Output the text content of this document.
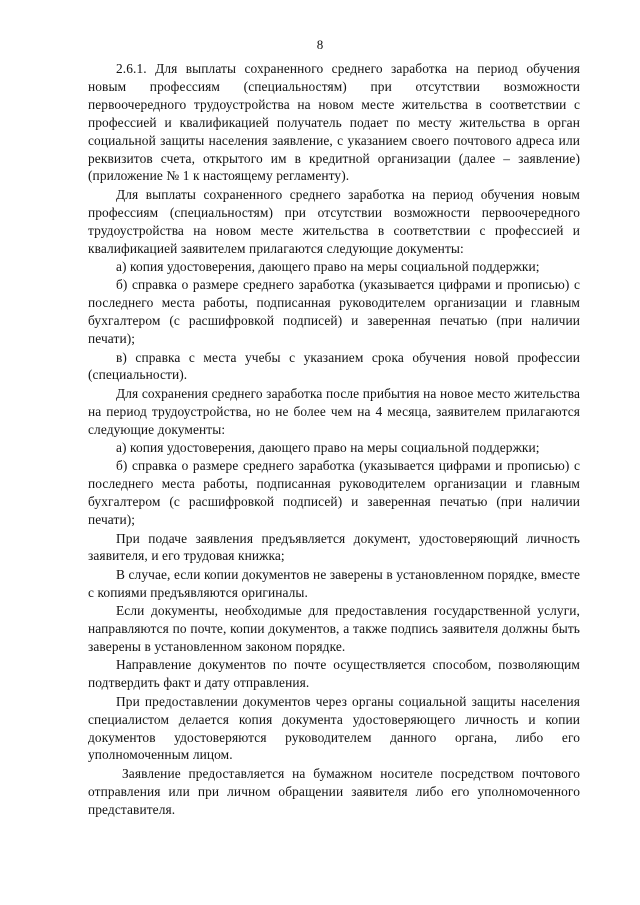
8

2.6.1. Для выплаты сохраненного среднего заработка на период обучения новым профессиям (специальностям) при отсутствии возможности первоочередного трудоустройства на новом месте жительства в соответствии с профессией и квалификацией получатель подает по месту жительства в орган социальной защиты населения заявление, с указанием своего почтового адреса или реквизитов счета, открытого им в кредитной организации (далее – заявление) (приложение № 1 к настоящему регламенту).

Для выплаты сохраненного среднего заработка на период обучения новым профессиям (специальностям) при отсутствии возможности первоочередного трудоустройства на новом месте жительства в соответствии с профессией и квалификацией заявителем прилагаются следующие документы:

а) копия удостоверения, дающего право на меры социальной поддержки;

б) справка о размере среднего заработка (указывается цифрами и прописью) с последнего места работы, подписанная руководителем организации и главным бухгалтером (с расшифровкой подписей) и заверенная печатью (при наличии печати);

в) справка с места учебы с указанием срока обучения новой профессии (специальности).

Для сохранения среднего заработка после прибытия на новое место жительства на период трудоустройства, но не более чем на 4 месяца, заявителем прилагаются следующие документы:

а) копия удостоверения, дающего право на меры социальной поддержки;

б) справка о размере среднего заработка (указывается цифрами и прописью) с последнего места работы, подписанная руководителем организации и главным бухгалтером (с расшифровкой подписей) и заверенная печатью (при наличии печати);

При подаче заявления предъявляется документ, удостоверяющий личность заявителя, и его трудовая книжка;

В случае, если копии документов не заверены в установленном порядке, вместе с копиями предъявляются оригиналы.

Если документы, необходимые для предоставления государственной услуги, направляются по почте, копии документов, а также подпись заявителя должны быть заверены в установленном законом порядке.

Направление документов по почте осуществляется способом, позволяющим подтвердить факт и дату отправления.

При предоставлении документов через органы социальной защиты населения специалистом делается копия документа удостоверяющего личность и копии документов удостоверяются руководителем данного органа, либо его уполномоченным лицом.

Заявление предоставляется на бумажном носителе посредством почтового отправления или при личном обращении заявителя либо его уполномоченного представителя.
